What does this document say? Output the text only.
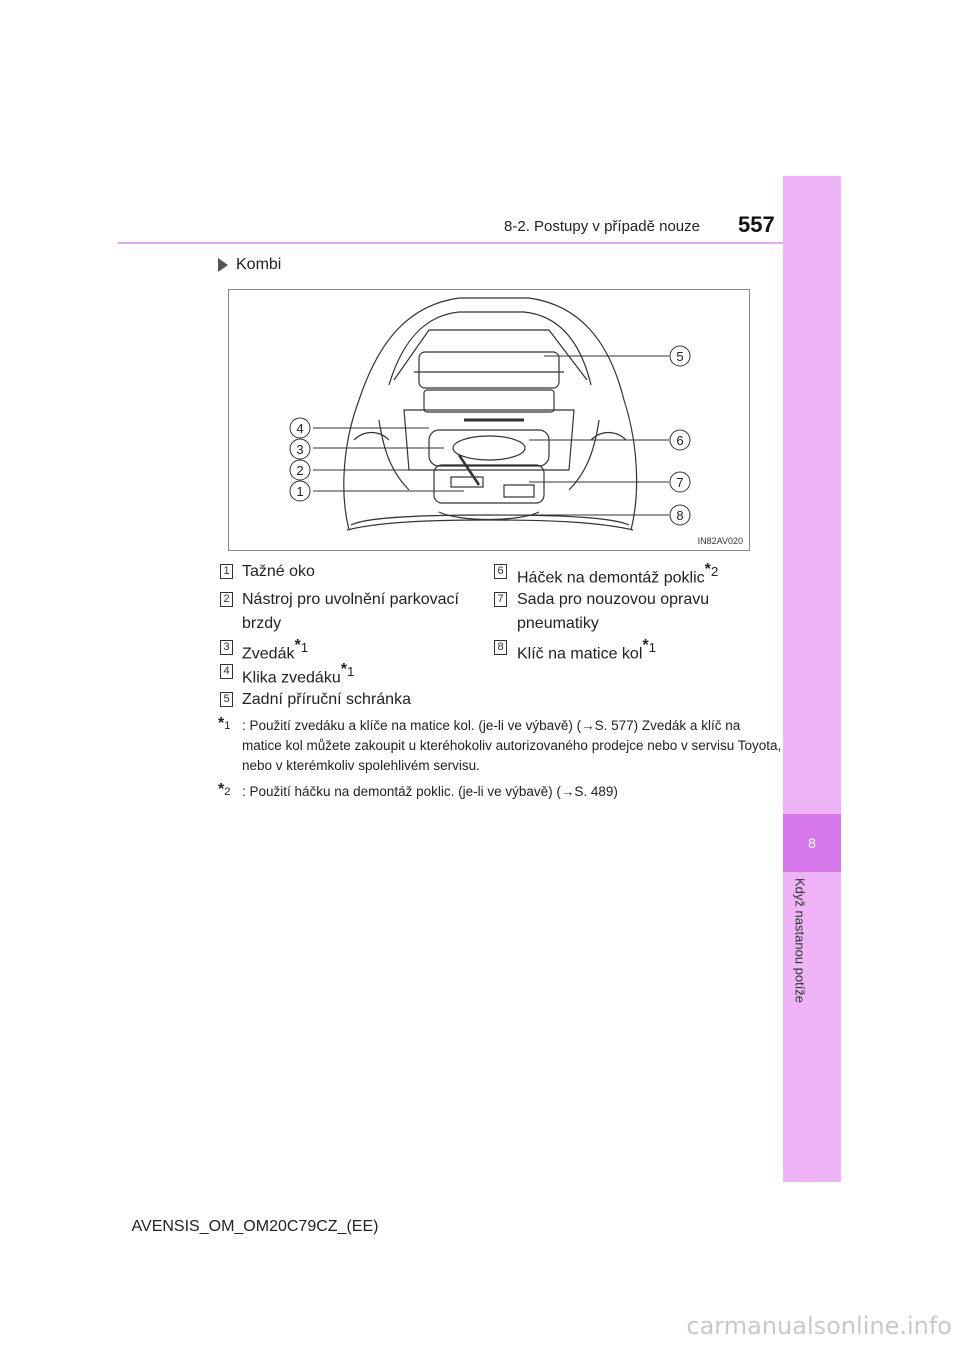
8-2. Postupy v případě nouze 557
8
Když nastanou potíže
Kombi
1
2
3
4
5
6
7
8
IN82AV020
1 Tažné oko
2 Nástroj pro uvolnění parkovací brzdy
3 Zvedák*$^1$
4 Klika zvedáku*$^1$
5 Zadní příruční schránka
6 Háček na demontáž poklic*$^2$
7 Sada pro nouzovou opravu pneumatiky
8 Klíč na matice kol*$^1$
*$^1$ : Použití zvedáku a klíče na matice kol. (je-li ve výbavě) (→S. 577) Zvedák a klíč na matice kol můžete zakoupit u kteréhokoliv autorizovaného prodejce nebo v servisu Toyota, nebo v kterémkoliv spolehlivém servisu.
*$^2$ : Použití háčku na demontáž poklic. (je-li ve výbavě) (→S. 489)
AVENSIS_OM_OM20C79CZ_(EE)
carmanualsonline.info
